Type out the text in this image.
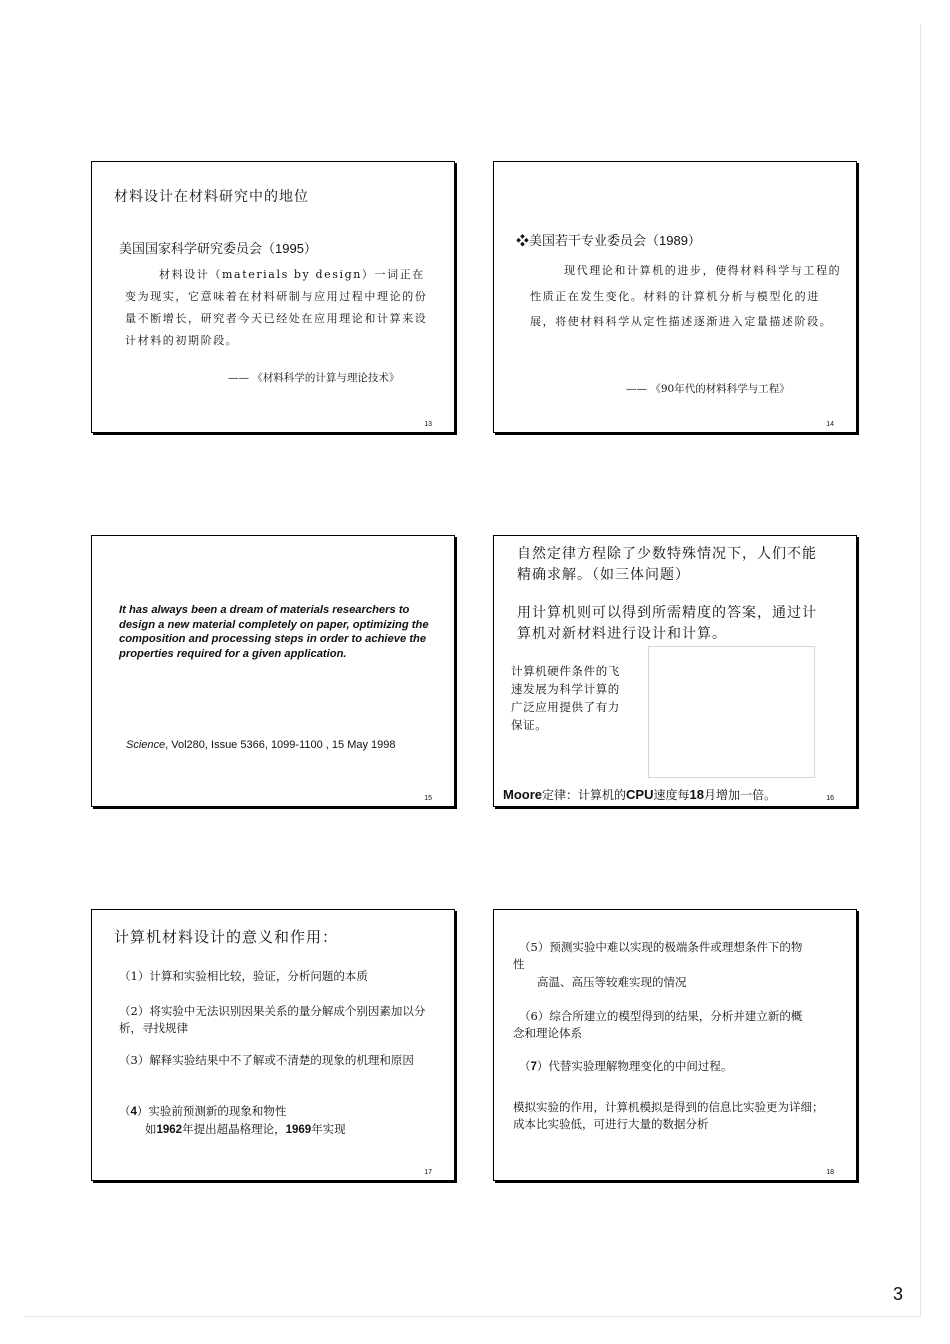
材料设计在材料研究中的地位
美国国家科学研究委员会（1995）

材料设计（materials by design）一词正在变为现实，它意味着在材料研制与应用过程中理论的份量不断增长，研究者今天已经处在应用理论和计算来设计材料的初期阶段。

—— 《材料科学的计算与理论技术》
13
❖美国若干专业委员会（1989）

现代理论和计算机的进步，使得材料科学与工程的性质正在发生变化。材料的计算机分析与模型化的进展，将使材料科学从定性描述逐渐进入定量描述阶段。

—— 《90年代的材料科学与工程》
14

It has always been a dream of materials researchers to design a new material completely on paper, optimizing the composition and processing steps in order to achieve the properties required for a given application.

Science, Vol280, Issue 5366, 1099-1100 , 15 May 1998
15

自然定律方程除了少数特殊情况下，人们不能精确求解。（如三体问题）

用计算机则可以得到所需精度的答案，通过计算机对新材料进行设计和计算。

计算机硬件条件的飞速发展为科学计算的广泛应用提供了有力保证。

Moore定律：计算机的CPU速度每18月增加一倍。	16
计算机材料设计的意义和作用：

（1）计算和实验相比较，验证，分析问题的本质

（2）将实验中无法识别因果关系的量分解成个别因素加以分析，寻找规律

（3）解释实验结果中不了解或不清楚的现象的机理和原因

（4）实验前预测新的现象和物性

如1962年提出超晶格理论，1969年实现

17

（5）预测实验中难以实现的极端条件或理想条件下的物性

高温、高压等较难实现的情况

（6）综合所建立的模型得到的结果，分析并建立新的概念和理论体系

（7）代替实验理解物理变化的中间过程。

模拟实验的作用，计算机模拟是得到的信息比实验更为详细；成本比实验低，可进行大量的数据分析

18
3
